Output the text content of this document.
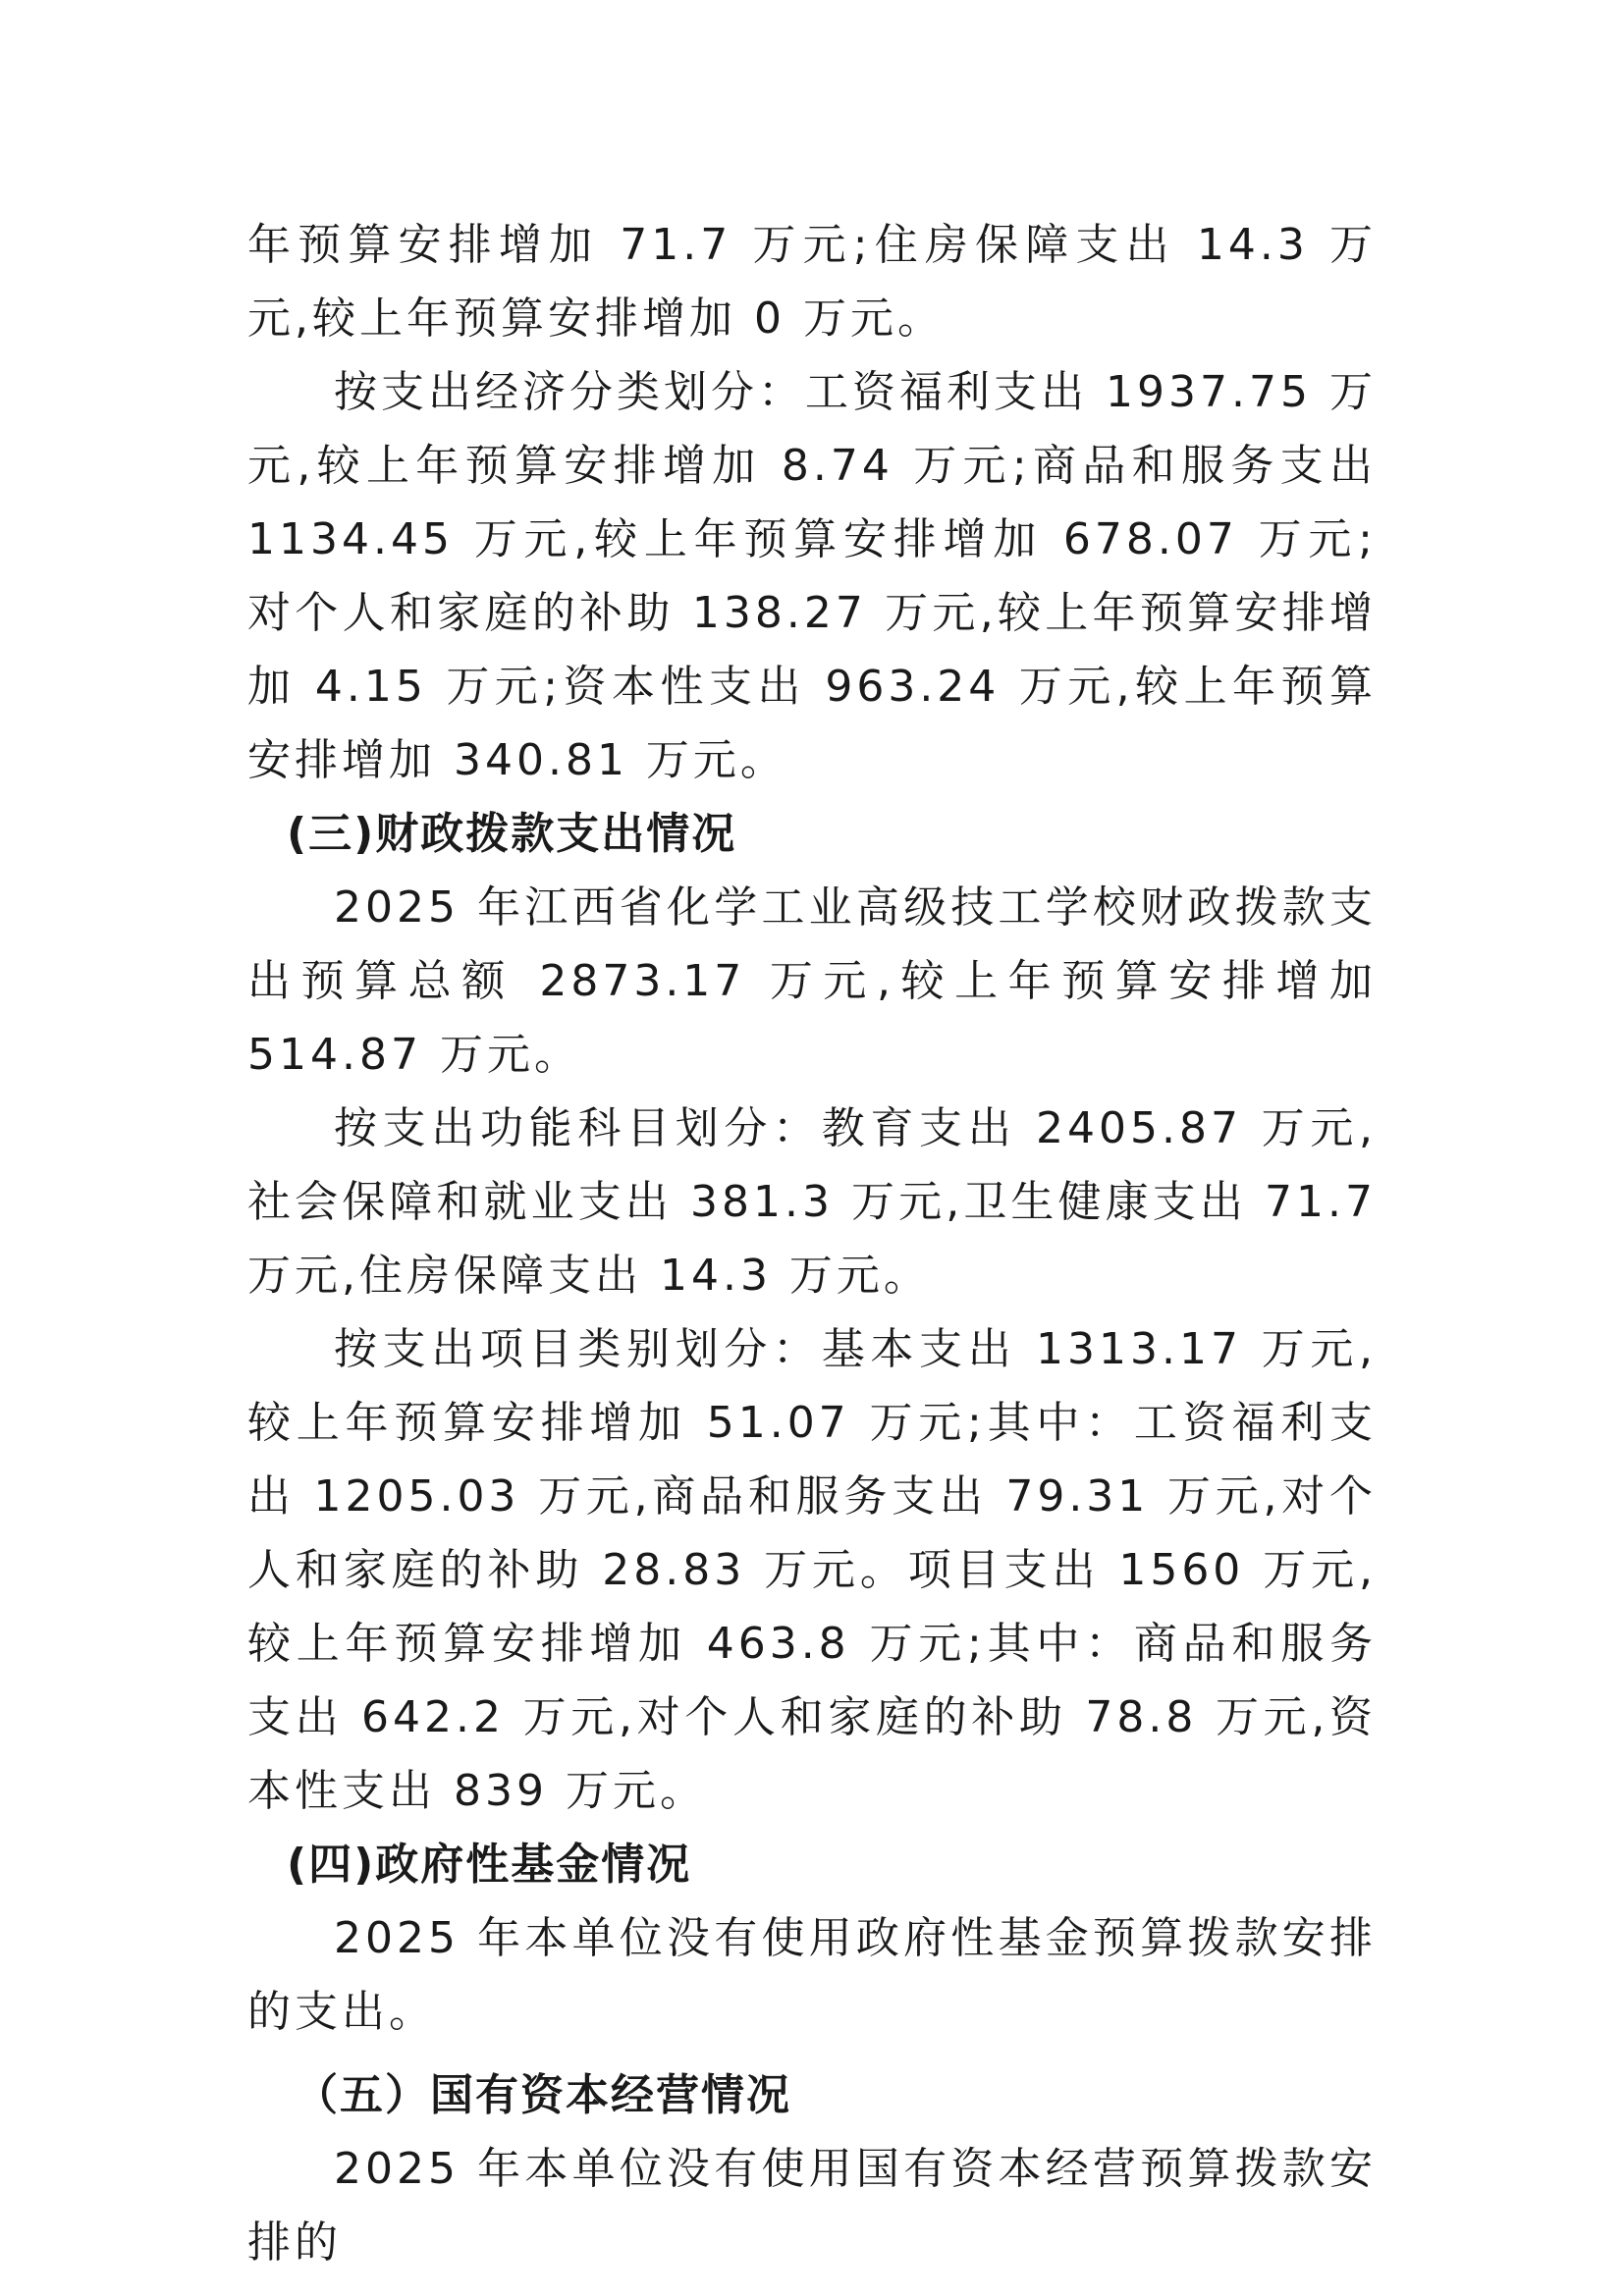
年预算安排增加 71.7 万元;住房保障支出 14.3 万元,较上年预算安排增加 0 万元。

按支出经济分类划分：工资福利支出 1937.75 万元,较上年预算安排增加 8.74 万元;商品和服务支出 1134.45 万元,较上年预算安排增加 678.07 万元;对个人和家庭的补助 138.27 万元,较上年预算安排增加 4.15 万元;资本性支出 963.24 万元,较上年预算安排增加 340.81 万元。

(三)财政拨款支出情况

2025 年江西省化学工业高级技工学校财政拨款支出预算总额 2873.17 万元,较上年预算安排增加 514.87 万元。

按支出功能科目划分：教育支出 2405.87 万元,社会保障和就业支出 381.3 万元,卫生健康支出 71.7 万元,住房保障支出 14.3 万元。

按支出项目类别划分：基本支出 1313.17 万元,较上年预算安排增加 51.07 万元;其中：工资福利支出 1205.03 万元,商品和服务支出 79.31 万元,对个人和家庭的补助 28.83 万元。项目支出 1560 万元,较上年预算安排增加 463.8 万元;其中：商品和服务支出 642.2 万元,对个人和家庭的补助 78.8 万元,资本性支出 839 万元。

(四)政府性基金情况

2025 年本单位没有使用政府性基金预算拨款安排的支出。

（五）国有资本经营情况

2025 年本单位没有使用国有资本经营预算拨款安排的
